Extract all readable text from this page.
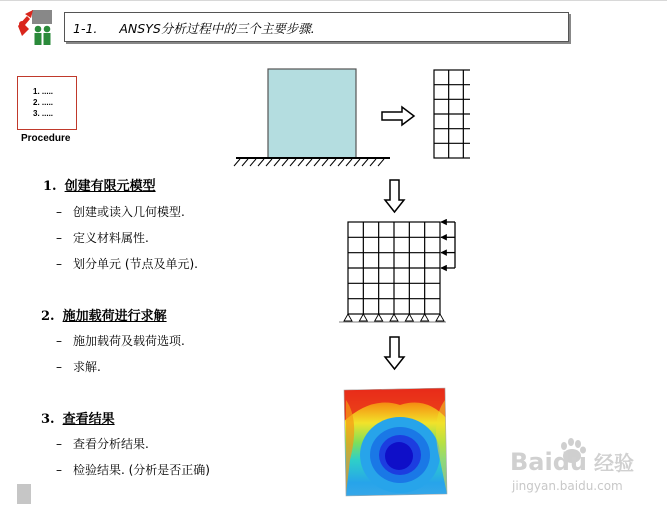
1-1. ANSYS分析过程中的三个主要步骤.
1. .....
2. .....
3. .....
Procedure
1. 创建有限元模型
– 创建或读入几何模型.
– 定义材料属性.
– 划分单元 (节点及单元).
2. 施加载荷进行求解
– 施加载荷及载荷选项.
– 求解.
3. 查看结果
– 查看分析结果.
– 检验结果. (分析是否正确)	Baidu 经验
jingyan.baidu.com
